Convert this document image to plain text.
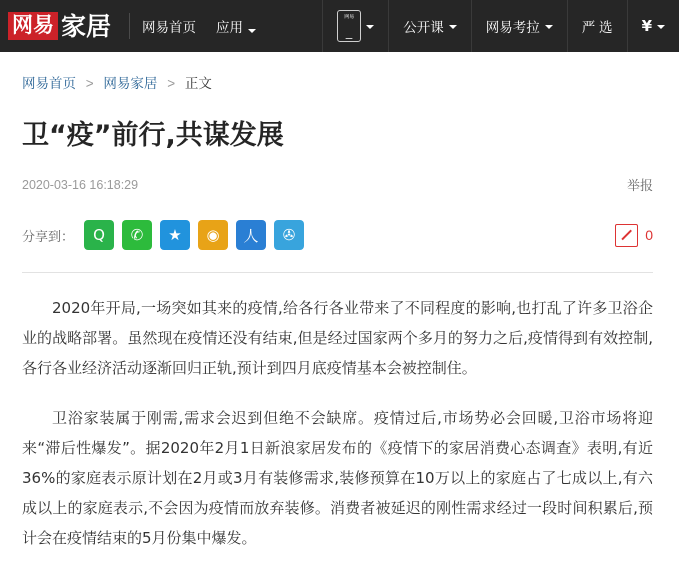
网易 家居 网易首页 应用
网易
公开课	网易考拉	严 选 ¥
网易首页 > 网易家居 > 正文
卫“疫”前行,共谋发展
2020-03-16 16:18:29	举报
分享到：	Q	✆	★	◉	人	✇	0

2020年开局,一场突如其来的疫情,给各行各业带来了不同程度的影响,也打乱了许多卫浴企业的战略部署。虽然现在疫情还没有结束,但是经过国家两个多月的努力之后,疫情得到有效控制,各行各业经济活动逐渐回归正轨,预计到四月底疫情基本会被控制住。

卫浴家装属于刚需,需求会迟到但绝不会缺席。疫情过后,市场势必会回暖,卫浴市场将迎来“滞后性爆发”。据2020年2月1日新浪家居发布的《疫情下的家居消费心态调查》表明,有近36%的家庭表示原计划在2月或3月有装修需求,装修预算在10万以上的家庭占了七成以上,有六成以上的家庭表示,不会因为疫情而放弃装修。消费者被延迟的刚性需求经过一段时间积累后,预计会在疫情结束的5月份集中爆发。
